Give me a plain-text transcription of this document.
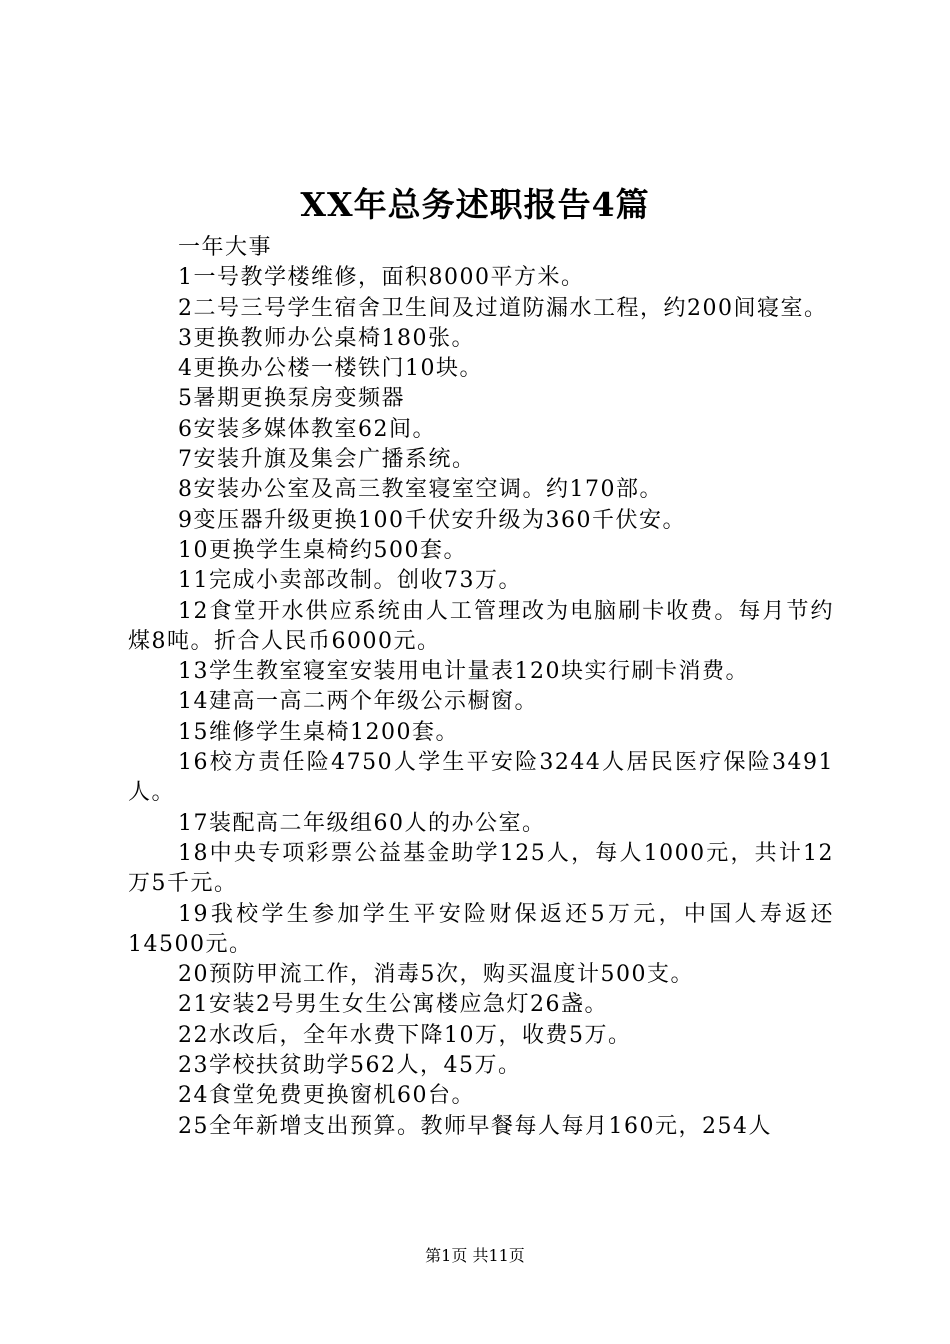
XX年总务述职报告4篇

一年大事

1一号教学楼维修，面积8000平方米。

2二号三号学生宿舍卫生间及过道防漏水工程，约200间寝室。

3更换教师办公桌椅180张。

4更换办公楼一楼铁门10块。

5暑期更换泵房变频器

6安装多媒体教室62间。

7安装升旗及集会广播系统。

8安装办公室及高三教室寝室空调。约170部。

9变压器升级更换100千伏安升级为360千伏安。

10更换学生桌椅约500套。

11完成小卖部改制。创收73万。

12食堂开水供应系统由人工管理改为电脑刷卡收费。每月节约煤8吨。折合人民币6000元。

13学生教室寝室安装用电计量表120块实行刷卡消费。

14建高一高二两个年级公示橱窗。

15维修学生桌椅1200套。

16校方责任险4750人学生平安险3244人居民医疗保险3491人。

17装配高二年级组60人的办公室。

18中央专项彩票公益基金助学125人，每人1000元，共计12万5千元。

19我校学生参加学生平安险财保返还5万元，中国人寿返还14500元。

20预防甲流工作，消毒5次，购买温度计500支。

21安装2号男生女生公寓楼应急灯26盏。

22水改后，全年水费下降10万，收费5万。

23学校扶贫助学562人，45万。

24食堂免费更换窗机60台。

25全年新增支出预算。教师早餐每人每月160元，254人

第1页 共11页
